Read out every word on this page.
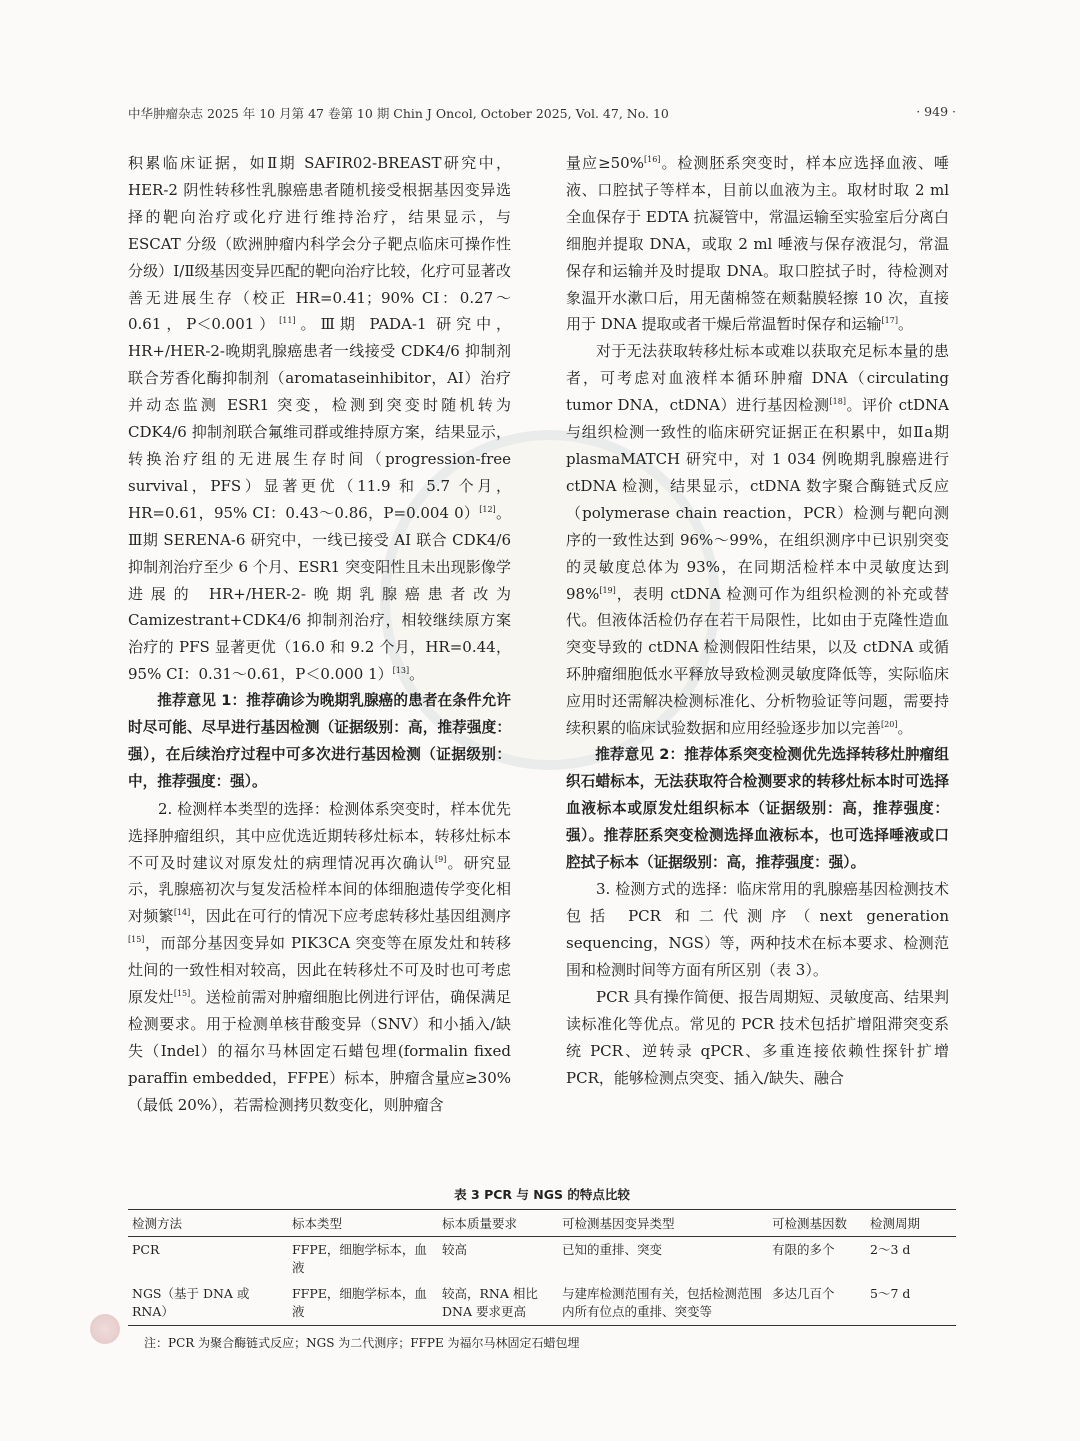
中华肿瘤杂志 2025 年 10 月第 47 卷第 10 期 Chin J Oncol, October 2025, Vol. 47, No. 10	· 949 ·

积累临床证据，如Ⅱ期 SAFIR02-BREAST研究中，HER-2 阴性转移性乳腺癌患者随机接受根据基因变异选择的靶向治疗或化疗进行维持治疗，结果显示，与 ESCAT 分级（欧洲肿瘤内科学会分子靶点临床可操作性分级）Ⅰ/Ⅱ级基因变异匹配的靶向治疗比较，化疗可显著改善无进展生存（校正 HR=0.41；90% CI：0.27～0.61，P＜0.001）[11]。Ⅲ期 PADA-1 研究中，HR+/HER-2-晚期乳腺癌患者一线接受 CDK4/6 抑制剂联合芳香化酶抑制剂（aromataseinhibitor，AI）治疗并动态监测 ESR1 突变，检测到突变时随机转为 CDK4/6 抑制剂联合氟维司群或维持原方案，结果显示，转换治疗组的无进展生存时间（progression-free survival，PFS）显著更优（11.9 和 5.7 个月，HR=0.61，95% CI：0.43～0.86，P=0.004 0）[12]。Ⅲ期 SERENA-6 研究中，一线已接受 AI 联合 CDK4/6 抑制剂治疗至少 6 个月、ESR1 突变阳性且未出现影像学进展的 HR+/HER-2-晚期乳腺癌患者改为 Camizestrant+CDK4/6 抑制剂治疗，相较继续原方案治疗的 PFS 显著更优（16.0 和 9.2 个月，HR=0.44，95% CI：0.31～0.61，P＜0.000 1）[13]。

推荐意见 1：推荐确诊为晚期乳腺癌的患者在条件允许时尽可能、尽早进行基因检测（证据级别：高，推荐强度：强），在后续治疗过程中可多次进行基因检测（证据级别：中，推荐强度：强）。

2. 检测样本类型的选择：检测体系突变时，样本优先选择肿瘤组织，其中应优选近期转移灶标本，转移灶标本不可及时建议对原发灶的病理情况再次确认[9]。研究显示，乳腺癌初次与复发活检样本间的体细胞遗传学变化相对频繁[14]，因此在可行的情况下应考虑转移灶基因组测序[15]，而部分基因变异如 PIK3CA 突变等在原发灶和转移灶间的一致性相对较高，因此在转移灶不可及时也可考虑原发灶[15]。送检前需对肿瘤细胞比例进行评估，确保满足检测要求。用于检测单核苷酸变异（SNV）和小插入/缺失（Indel）的福尔马林固定石蜡包埋(formalin fixed paraffin embedded，FFPE）标本，肿瘤含量应≥30%（最低 20%），若需检测拷贝数变化，则肿瘤含

量应≥50%[16]。检测胚系突变时，样本应选择血液、唾液、口腔拭子等样本，目前以血液为主。取材时取 2 ml 全血保存于 EDTA 抗凝管中，常温运输至实验室后分离白细胞并提取 DNA，或取 2 ml 唾液与保存液混匀，常温保存和运输并及时提取 DNA。取口腔拭子时，待检测对象温开水漱口后，用无菌棉签在颊黏膜轻擦 10 次，直接用于 DNA 提取或者干燥后常温暂时保存和运输[17]。

对于无法获取转移灶标本或难以获取充足标本量的患者，可考虑对血液样本循环肿瘤 DNA（circulating tumor DNA，ctDNA）进行基因检测[18]。评价 ctDNA 与组织检测一致性的临床研究证据正在积累中，如Ⅱa期 plasmaMATCH 研究中，对 1 034 例晚期乳腺癌进行 ctDNA 检测，结果显示，ctDNA 数字聚合酶链式反应（polymerase chain reaction，PCR）检测与靶向测序的一致性达到 96%～99%，在组织测序中已识别突变的灵敏度总体为 93%，在同期活检样本中灵敏度达到 98%[19]，表明 ctDNA 检测可作为组织检测的补充或替代。但液体活检仍存在若干局限性，比如由于克隆性造血突变导致的 ctDNA 检测假阳性结果，以及 ctDNA 或循环肿瘤细胞低水平释放导致检测灵敏度降低等，实际临床应用时还需解决检测标准化、分析物验证等问题，需要持续积累的临床试验数据和应用经验逐步加以完善[20]。

推荐意见 2：推荐体系突变检测优先选择转移灶肿瘤组织石蜡标本，无法获取符合检测要求的转移灶标本时可选择血液标本或原发灶组织标本（证据级别：高，推荐强度：强）。推荐胚系突变检测选择血液标本，也可选择唾液或口腔拭子标本（证据级别：高，推荐强度：强）。

3. 检测方式的选择：临床常用的乳腺癌基因检测技术包括 PCR 和二代测序（next generation sequencing，NGS）等，两种技术在标本要求、检测范围和检测时间等方面有所区别（表 3）。

PCR 具有操作简便、报告周期短、灵敏度高、结果判读标准化等优点。常见的 PCR 技术包括扩增阻滞突变系统 PCR、逆转录 qPCR、多重连接依赖性探针扩增 PCR，能够检测点突变、插入/缺失、融合

表 3 PCR 与 NGS 的特点比较
检测方法	标本类型	标本质量要求	可检测基因变异类型	可检测基因数	检测周期
PCR	FFPE，细胞学标本，血液	较高	已知的重排、突变	有限的多个	2～3 d
NGS（基于 DNA 或 RNA）	FFPE，细胞学标本，血液	较高，RNA 相比 DNA 要求更高	与建库检测范围有关，包括检测范围内所有位点的重排、突变等	多达几百个	5～7 d
注：PCR 为聚合酶链式反应；NGS 为二代测序；FFPE 为福尔马林固定石蜡包埋
